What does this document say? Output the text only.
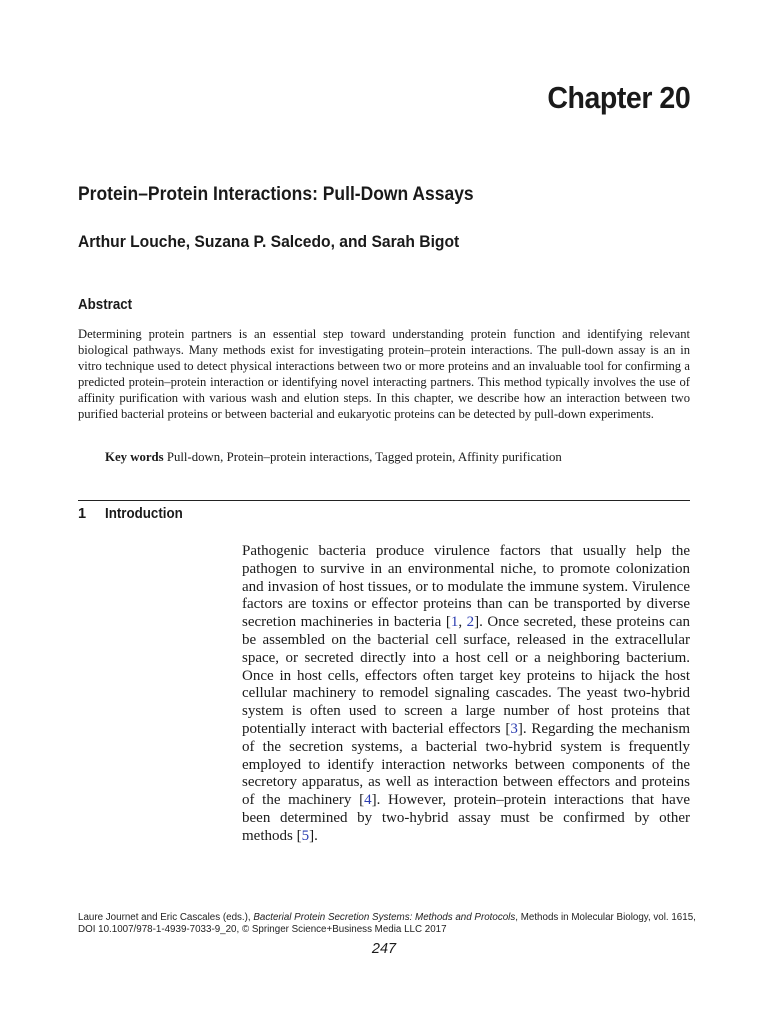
Chapter 20
Protein–Protein Interactions: Pull-Down Assays
Arthur Louche, Suzana P. Salcedo, and Sarah Bigot
Abstract

Determining protein partners is an essential step toward understanding protein function and identifying relevant biological pathways. Many methods exist for investigating protein–protein interactions. The pull-down assay is an in vitro technique used to detect physical interactions between two or more proteins and an invaluable tool for confirming a predicted protein–protein interaction or identifying novel interacting partners. This method typically involves the use of affinity purification with various wash and elution steps. In this chapter, we describe how an interaction between two purified bacterial proteins or between bacterial and eukaryotic proteins can be detected by pull-down experiments.

Key words Pull-down, Protein–protein interactions, Tagged protein, Affinity purification
1 Introduction

Pathogenic bacteria produce virulence factors that usually help the pathogen to survive in an environmental niche, to promote colonization and invasion of host tissues, or to modulate the immune system. Virulence factors are toxins or effector proteins than can be transported by diverse secretion machineries in bacteria [1, 2]. Once secreted, these proteins can be assembled on the bacterial cell surface, released in the extracellular space, or secreted directly into a host cell or a neighboring bacterium. Once in host cells, effectors often target key proteins to hijack the host cellular machinery to remodel signaling cascades. The yeast two-hybrid system is often used to screen a large number of host proteins that potentially interact with bacterial effectors [3]. Regarding the mechanism of the secretion systems, a bacterial two-hybrid system is frequently employed to identify interaction networks between components of the secretory apparatus, as well as interaction between effectors and proteins of the machinery [4]. However, protein–protein interactions that have been determined by two-hybrid assay must be confirmed by other methods [5].

Laure Journet and Eric Cascales (eds.), Bacterial Protein Secretion Systems: Methods and Protocols, Methods in Molecular Biology, vol. 1615, DOI 10.1007/978-1-4939-7033-9_20, © Springer Science+Business Media LLC 2017
247
